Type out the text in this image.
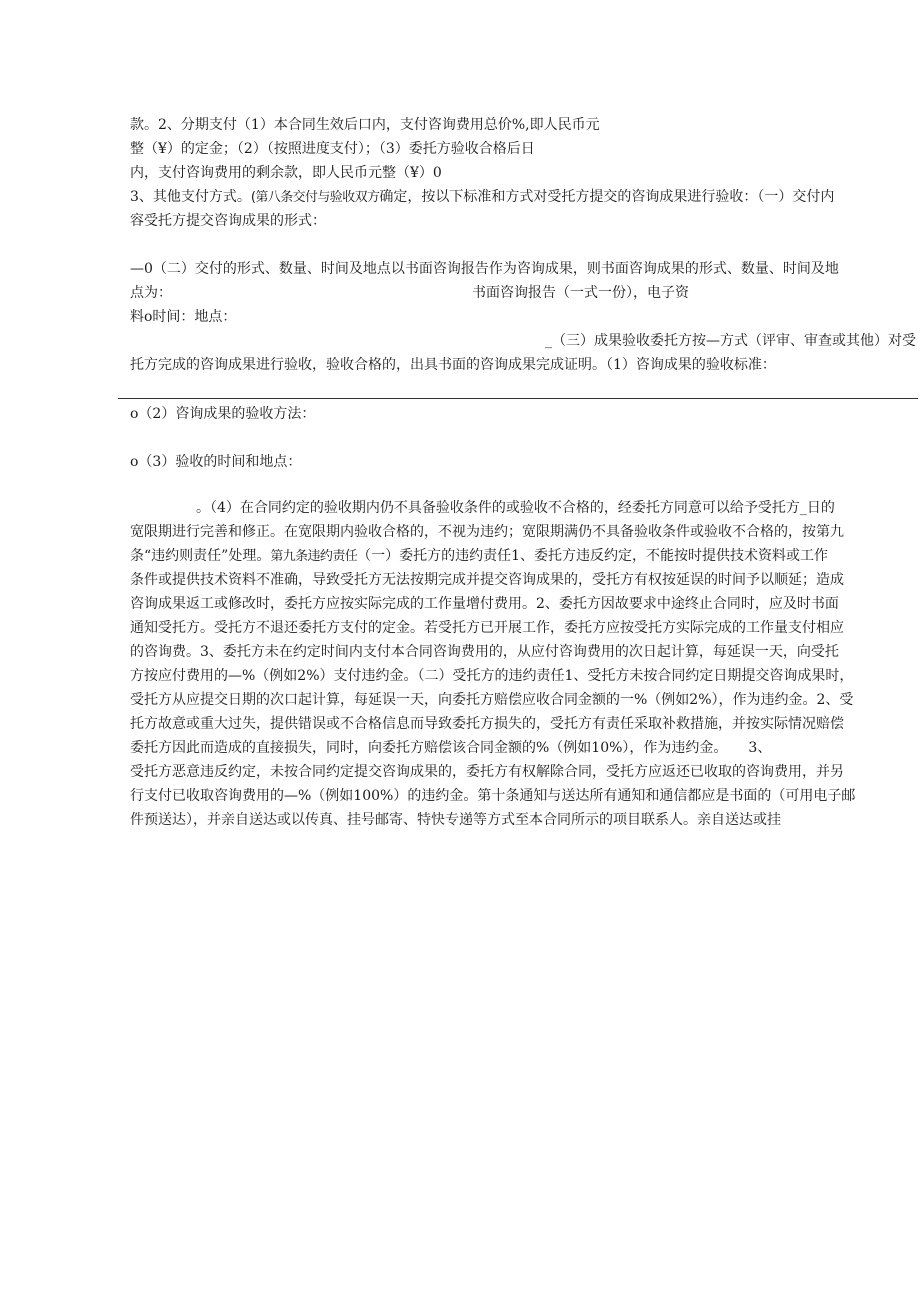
款。2、分期支付（1）本合同生效后口内，支付咨询费用总价%,即人民币元
整（¥）的定金；（2）（按照进度支付）；（3）委托方验收合格后日
内，支付咨询费用的剩余款，即人民币元整（¥）0
3、其他支付方式。(第八条交付与验收双方确定，按以下标准和方式对受托方提交的咨询成果进行验收：（一）交付内
容受托方提交咨询成果的形式：
—0（二）交付的形式、数量、时间及地点以书面咨询报告作为咨询成果，则书面咨询成果的形式、数量、时间及地
点为：	书面咨询报告（一式一份），电子资
料o时间：地点：
_（三）成果验收委托方按—方式（评审、审查或其他）对受
托方完成的咨询成果进行验收，验收合格的，出具书面的咨询成果完成证明。（1）咨询成果的验收标准：
o（2）咨询成果的验收方法：
o（3）验收的时间和地点：
。（4）在合同约定的验收期内仍不具备验收条件的或验收不合格的，经委托方同意可以给予受托方_日的
宽限期进行完善和修正。在宽限期内验收合格的，不视为违约；宽限期满仍不具备验收条件或验收不合格的，按第九
条“违约则责任”处理。第九条违约责任（一）委托方的违约责任1、委托方违反约定，不能按时提供技术资料或工作
条件或提供技术资料不准确，导致受托方无法按期完成并提交咨询成果的，受托方有权按延误的时间予以顺延；造成
咨询成果返工或修改时，委托方应按实际完成的工作量增付费用。2、委托方因故要求中途终止合同时，应及时书面
通知受托方。受托方不退还委托方支付的定金。若受托方已开展工作，委托方应按受托方实际完成的工作量支付相应
的咨询费。3、委托方未在约定时间内支付本合同咨询费用的，从应付咨询费用的次日起计算，每延误一天，向受托
方按应付费用的—%（例如2%）支付违约金。（二）受托方的违约责任1、受托方未按合同约定日期提交咨询成果时，
受托方从应提交日期的次口起计算，每延误一天，向委托方赔偿应收合同金额的一%（例如2%），作为违约金。2、受
托方故意或重大过失，提供错误或不合格信息而导致委托方损失的，受托方有责任采取补救措施，并按实际情况赔偿
委托方因此而造成的直接损失，同时，向委托方赔偿该合同金额的%（例如10%），作为违约金。　　3、
受托方恶意违反约定，未按合同约定提交咨询成果的，委托方有权解除合同，受托方应返还已收取的咨询费用，并另
行支付已收取咨询费用的—%（例如100%）的违约金。第十条通知与送达所有通知和通信都应是书面的（可用电子邮
件预送达），并亲自送达或以传真、挂号邮寄、特快专递等方式至本合同所示的项目联系人。亲自送达或挂
